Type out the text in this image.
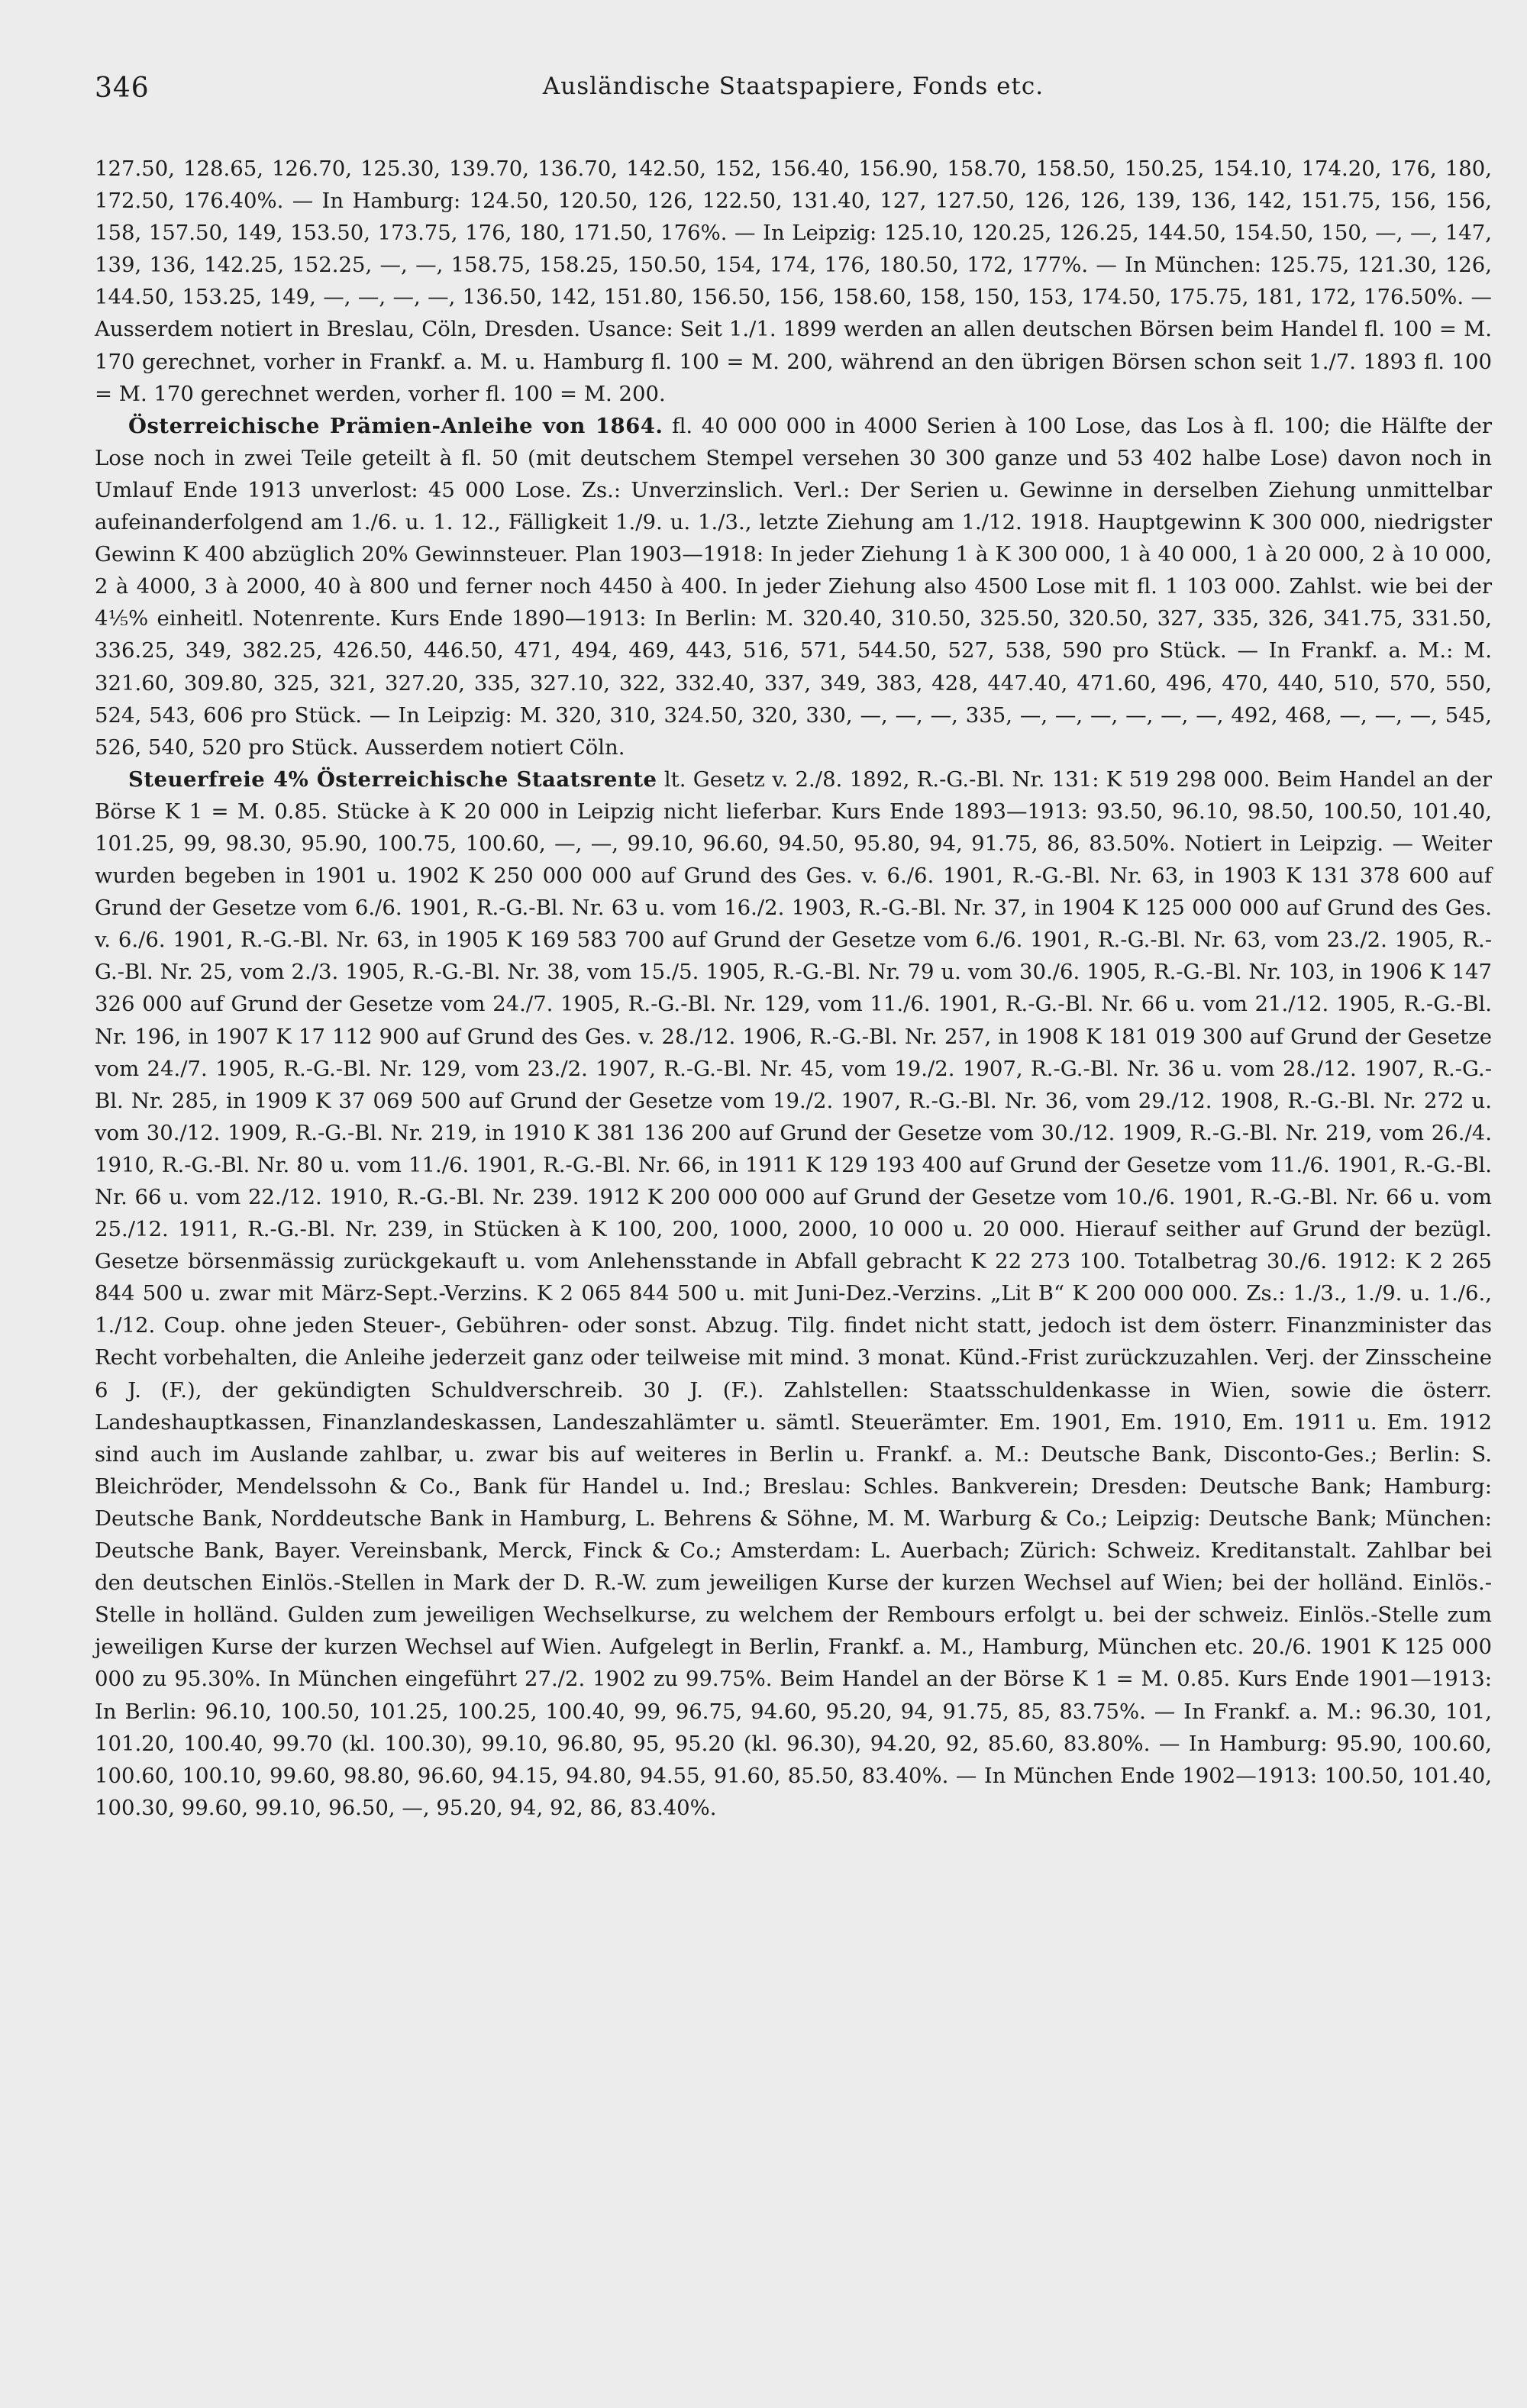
346	Ausländische Staatspapiere, Fonds etc.

127.50, 128.65, 126.70, 125.30, 139.70, 136.70, 142.50, 152, 156.40, 156.90, 158.70, 158.50, 150.25, 154.10, 174.20, 176, 180, 172.50, 176.40%. — In Hamburg: 124.50, 120.50, 126, 122.50, 131.40, 127, 127.50, 126, 126, 139, 136, 142, 151.75, 156, 156, 158, 157.50, 149, 153.50, 173.75, 176, 180, 171.50, 176%. — In Leipzig: 125.10, 120.25, 126.25, 144.50, 154.50, 150, —, —, 147, 139, 136, 142.25, 152.25, —, —, 158.75, 158.25, 150.50, 154, 174, 176, 180.50, 172, 177%. — In München: 125.75, 121.30, 126, 144.50, 153.25, 149, —, —, —, —, 136.50, 142, 151.80, 156.50, 156, 158.60, 158, 150, 153, 174.50, 175.75, 181, 172, 176.50%. — Ausserdem notiert in Breslau, Cöln, Dresden. Usance: Seit 1./1. 1899 werden an allen deutschen Börsen beim Handel fl. 100 = M. 170 gerechnet, vorher in Frankf. a. M. u. Hamburg fl. 100 = M. 200, während an den übrigen Börsen schon seit 1./7. 1893 fl. 100 = M. 170 gerechnet werden, vorher fl. 100 = M. 200.

Österreichische Prämien-Anleihe von 1864. fl. 40 000 000 in 4000 Serien à 100 Lose, das Los à fl. 100; die Hälfte der Lose noch in zwei Teile geteilt à fl. 50 (mit deutschem Stempel versehen 30 300 ganze und 53 402 halbe Lose) davon noch in Umlauf Ende 1913 unverlost: 45 000 Lose. Zs.: Unverzinslich. Verl.: Der Serien u. Gewinne in derselben Ziehung unmittelbar aufeinanderfolgend am 1./6. u. 1. 12., Fälligkeit 1./9. u. 1./3., letzte Ziehung am 1./12. 1918. Hauptgewinn K 300 000, niedrigster Gewinn K 400 abzüglich 20% Gewinnsteuer. Plan 1903—1918: In jeder Ziehung 1 à K 300 000, 1 à 40 000, 1 à 20 000, 2 à 10 000, 2 à 4000, 3 à 2000, 40 à 800 und ferner noch 4450 à 400. In jeder Ziehung also 4500 Lose mit fl. 1 103 000. Zahlst. wie bei der 4⅕% einheitl. Notenrente. Kurs Ende 1890—1913: In Berlin: M. 320.40, 310.50, 325.50, 320.50, 327, 335, 326, 341.75, 331.50, 336.25, 349, 382.25, 426.50, 446.50, 471, 494, 469, 443, 516, 571, 544.50, 527, 538, 590 pro Stück. — In Frankf. a. M.: M. 321.60, 309.80, 325, 321, 327.20, 335, 327.10, 322, 332.40, 337, 349, 383, 428, 447.40, 471.60, 496, 470, 440, 510, 570, 550, 524, 543, 606 pro Stück. — In Leipzig: M. 320, 310, 324.50, 320, 330, —, —, —, 335, —, —, —, —, —, —, 492, 468, —, —, —, 545, 526, 540, 520 pro Stück. Ausserdem notiert Cöln.

Steuerfreie 4% Österreichische Staatsrente lt. Gesetz v. 2./8. 1892, R.-G.-Bl. Nr. 131: K 519 298 000. Beim Handel an der Börse K 1 = M. 0.85. Stücke à K 20 000 in Leipzig nicht lieferbar. Kurs Ende 1893—1913: 93.50, 96.10, 98.50, 100.50, 101.40, 101.25, 99, 98.30, 95.90, 100.75, 100.60, —, —, 99.10, 96.60, 94.50, 95.80, 94, 91.75, 86, 83.50%. Notiert in Leipzig. — Weiter wurden begeben in 1901 u. 1902 K 250 000 000 auf Grund des Ges. v. 6./6. 1901, R.-G.-Bl. Nr. 63, in 1903 K 131 378 600 auf Grund der Gesetze vom 6./6. 1901, R.-G.-Bl. Nr. 63 u. vom 16./2. 1903, R.-G.-Bl. Nr. 37, in 1904 K 125 000 000 auf Grund des Ges. v. 6./6. 1901, R.-G.-Bl. Nr. 63, in 1905 K 169 583 700 auf Grund der Gesetze vom 6./6. 1901, R.-G.-Bl. Nr. 63, vom 23./2. 1905, R.-G.-Bl. Nr. 25, vom 2./3. 1905, R.-G.-Bl. Nr. 38, vom 15./5. 1905, R.-G.-Bl. Nr. 79 u. vom 30./6. 1905, R.-G.-Bl. Nr. 103, in 1906 K 147 326 000 auf Grund der Gesetze vom 24./7. 1905, R.-G.-Bl. Nr. 129, vom 11./6. 1901, R.-G.-Bl. Nr. 66 u. vom 21./12. 1905, R.-G.-Bl. Nr. 196, in 1907 K 17 112 900 auf Grund des Ges. v. 28./12. 1906, R.-G.-Bl. Nr. 257, in 1908 K 181 019 300 auf Grund der Gesetze vom 24./7. 1905, R.-G.-Bl. Nr. 129, vom 23./2. 1907, R.-G.-Bl. Nr. 45, vom 19./2. 1907, R.-G.-Bl. Nr. 36 u. vom 28./12. 1907, R.-G.-Bl. Nr. 285, in 1909 K 37 069 500 auf Grund der Gesetze vom 19./2. 1907, R.-G.-Bl. Nr. 36, vom 29./12. 1908, R.-G.-Bl. Nr. 272 u. vom 30./12. 1909, R.-G.-Bl. Nr. 219, in 1910 K 381 136 200 auf Grund der Gesetze vom 30./12. 1909, R.-G.-Bl. Nr. 219, vom 26./4. 1910, R.-G.-Bl. Nr. 80 u. vom 11./6. 1901, R.-G.-Bl. Nr. 66, in 1911 K 129 193 400 auf Grund der Gesetze vom 11./6. 1901, R.-G.-Bl. Nr. 66 u. vom 22./12. 1910, R.-G.-Bl. Nr. 239. 1912 K 200 000 000 auf Grund der Gesetze vom 10./6. 1901, R.-G.-Bl. Nr. 66 u. vom 25./12. 1911, R.-G.-Bl. Nr. 239, in Stücken à K 100, 200, 1000, 2000, 10 000 u. 20 000. Hierauf seither auf Grund der bezügl. Gesetze börsenmässig zurückgekauft u. vom Anlehensstande in Abfall gebracht K 22 273 100. Totalbetrag 30./6. 1912: K 2 265 844 500 u. zwar mit März-Sept.-Verzins. K 2 065 844 500 u. mit Juni-Dez.-Verzins. „Lit B“ K 200 000 000. Zs.: 1./3., 1./9. u. 1./6., 1./12. Coup. ohne jeden Steuer-, Gebühren- oder sonst. Abzug. Tilg. findet nicht statt, jedoch ist dem österr. Finanzminister das Recht vorbehalten, die Anleihe jederzeit ganz oder teilweise mit mind. 3 monat. Künd.-Frist zurückzuzahlen. Verj. der Zinsscheine 6 J. (F.), der gekündigten Schuldverschreib. 30 J. (F.). Zahlstellen: Staatsschuldenkasse in Wien, sowie die österr. Landeshauptkassen, Finanzlandeskassen, Landeszahlämter u. sämtl. Steuerämter. Em. 1901, Em. 1910, Em. 1911 u. Em. 1912 sind auch im Auslande zahlbar, u. zwar bis auf weiteres in Berlin u. Frankf. a. M.: Deutsche Bank, Disconto-Ges.; Berlin: S. Bleichröder, Mendelssohn & Co., Bank für Handel u. Ind.; Breslau: Schles. Bankverein; Dresden: Deutsche Bank; Hamburg: Deutsche Bank, Norddeutsche Bank in Hamburg, L. Behrens & Söhne, M. M. Warburg & Co.; Leipzig: Deutsche Bank; München: Deutsche Bank, Bayer. Vereinsbank, Merck, Finck & Co.; Amsterdam: L. Auerbach; Zürich: Schweiz. Kreditanstalt. Zahlbar bei den deutschen Einlös.-Stellen in Mark der D. R.-W. zum jeweiligen Kurse der kurzen Wechsel auf Wien; bei der holländ. Einlös.-Stelle in holländ. Gulden zum jeweiligen Wechselkurse, zu welchem der Rembours erfolgt u. bei der schweiz. Einlös.-Stelle zum jeweiligen Kurse der kurzen Wechsel auf Wien. Aufgelegt in Berlin, Frankf. a. M., Hamburg, München etc. 20./6. 1901 K 125 000 000 zu 95.30%. In München eingeführt 27./2. 1902 zu 99.75%. Beim Handel an der Börse K 1 = M. 0.85. Kurs Ende 1901—1913: In Berlin: 96.10, 100.50, 101.25, 100.25, 100.40, 99, 96.75, 94.60, 95.20, 94, 91.75, 85, 83.75%. — In Frankf. a. M.: 96.30, 101, 101.20, 100.40, 99.70 (kl. 100.30), 99.10, 96.80, 95, 95.20 (kl. 96.30), 94.20, 92, 85.60, 83.80%. — In Hamburg: 95.90, 100.60, 100.60, 100.10, 99.60, 98.80, 96.60, 94.15, 94.80, 94.55, 91.60, 85.50, 83.40%. — In München Ende 1902—1913: 100.50, 101.40, 100.30, 99.60, 99.10, 96.50, —, 95.20, 94, 92, 86, 83.40%.
